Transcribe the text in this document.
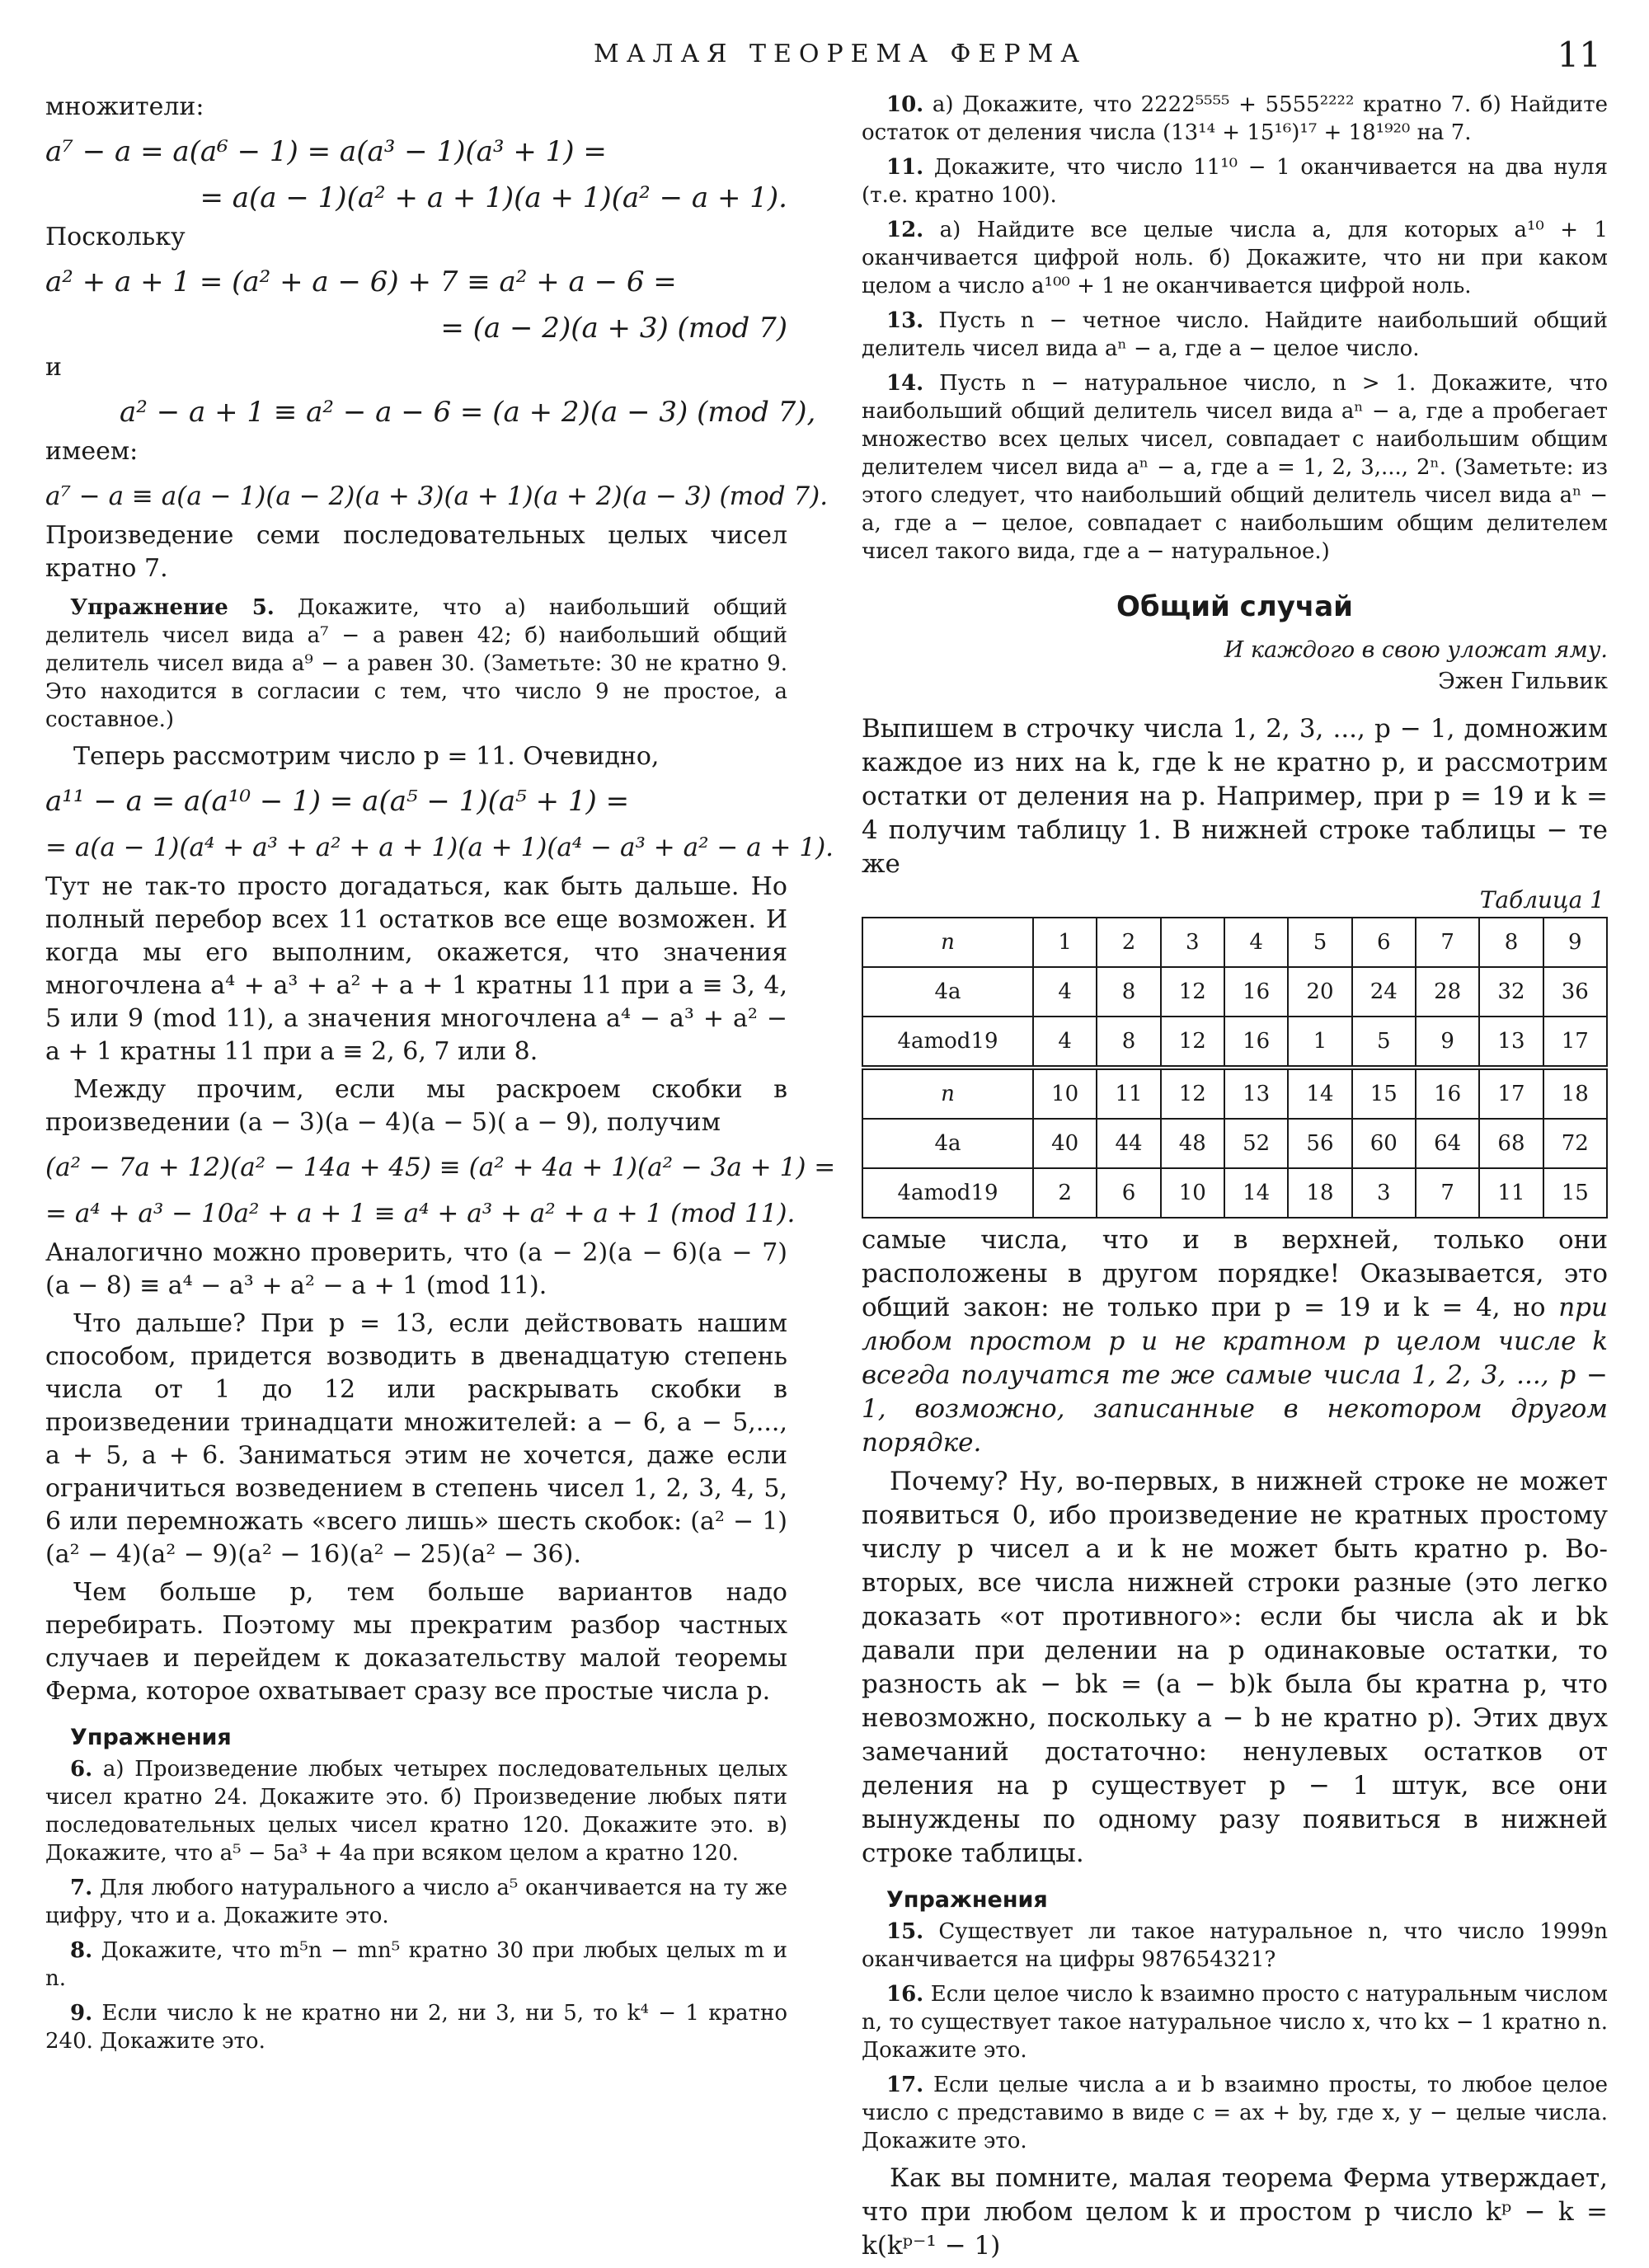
МАЛАЯ ТЕОРЕМА ФЕРМА	11

множители:

a⁷ − a = a(a⁶ − 1) = a(a³ − 1)(a³ + 1) =

= a(a − 1)(a² + a + 1)(a + 1)(a² − a + 1).

Поскольку

a² + a + 1 = (a² + a − 6) + 7 ≡ a² + a − 6 =

= (a − 2)(a + 3) (mod 7)

и

a² − a + 1 ≡ a² − a − 6 = (a + 2)(a − 3) (mod 7),

имеем:

a⁷ − a ≡ a(a − 1)(a − 2)(a + 3)(a + 1)(a + 2)(a − 3) (mod 7).

Произведение семи последовательных целых чисел кратно 7.

Упражнение 5. Докажите, что а) наибольший общий делитель чисел вида a⁷ − a равен 42; б) наибольший общий делитель чисел вида a⁹ − a равен 30. (Заметьте: 30 не кратно 9. Это находится в согласии с тем, что число 9 не простое, а составное.)

Теперь рассмотрим число p = 11. Очевидно,

a¹¹ − a = a(a¹⁰ − 1) = a(a⁵ − 1)(a⁵ + 1) =

= a(a − 1)(a⁴ + a³ + a² + a + 1)(a + 1)(a⁴ − a³ + a² − a + 1).

Тут не так-то просто догадаться, как быть дальше. Но полный перебор всех 11 остатков все еще возможен. И когда мы его выполним, окажется, что значения многочлена a⁴ + a³ + a² + a + 1 кратны 11 при a ≡ 3, 4, 5 или 9 (mod 11), а значения многочлена a⁴ − a³ + a² − a + 1 кратны 11 при a ≡ 2, 6, 7 или 8.

Между прочим, если мы раскроем скобки в произведении (a − 3)(a − 4)(a − 5)( a − 9), получим

(a² − 7a + 12)(a² − 14a + 45) ≡ (a² + 4a + 1)(a² − 3a + 1) =

= a⁴ + a³ − 10a² + a + 1 ≡ a⁴ + a³ + a² + a + 1 (mod 11).

Аналогично можно проверить, что (a − 2)(a − 6)(a − 7)(a − 8) ≡ a⁴ − a³ + a² − a + 1 (mod 11).

Что дальше? При p = 13, если действовать нашим способом, придется возводить в двенадцатую степень числа от 1 до 12 или раскрывать скобки в произведении тринадцати множителей: a − 6, a − 5,..., a + 5, a + 6. Заниматься этим не хочется, даже если ограничиться возведением в степень чисел 1, 2, 3, 4, 5, 6 или перемножать «всего лишь» шесть скобок: (a² − 1)(a² − 4)(a² − 9)(a² − 16)(a² − 25)(a² − 36).

Чем больше p, тем больше вариантов надо перебирать. Поэтому мы прекратим разбор частных случаев и перейдем к доказательству малой теоремы Ферма, которое охватывает сразу все простые числа p.

Упражнения

6. а) Произведение любых четырех последовательных целых чисел кратно 24. Докажите это. б) Произведение любых пяти последовательных целых чисел кратно 120. Докажите это. в) Докажите, что a⁵ − 5a³ + 4a при всяком целом a кратно 120.

7. Для любого натурального a число a⁵ оканчивается на ту же цифру, что и a. Докажите это.

8. Докажите, что m⁵n − mn⁵ кратно 30 при любых целых m и n.

9. Если число k не кратно ни 2, ни 3, ни 5, то k⁴ − 1 кратно 240. Докажите это.

10. а) Докажите, что 2222⁵⁵⁵⁵ + 5555²²²² кратно 7. б) Найдите остаток от деления числа (13¹⁴ + 15¹⁶)¹⁷ + 18¹⁹²⁰ на 7.

11. Докажите, что число 11¹⁰ − 1 оканчивается на два нуля (т.е. кратно 100).

12. а) Найдите все целые числа a, для которых a¹⁰ + 1 оканчивается цифрой ноль. б) Докажите, что ни при каком целом a число a¹⁰⁰ + 1 не оканчивается цифрой ноль.

13. Пусть n − четное число. Найдите наибольший общий делитель чисел вида aⁿ − a, где a − целое число.

14. Пусть n − натуральное число, n > 1. Докажите, что наибольший общий делитель чисел вида aⁿ − a, где a пробегает множество всех целых чисел, совпадает с наибольшим общим делителем чисел вида aⁿ − a, где a = 1, 2, 3,..., 2ⁿ. (Заметьте: из этого следует, что наибольший общий делитель чисел вида aⁿ − a, где a − целое, совпадает с наибольшим общим делителем чисел такого вида, где a − натуральное.)

Общий случай

И каждого в свою уложат яму.

Эжен Гильвик

Выпишем в строчку числа 1, 2, 3, ..., p − 1, домножим каждое из них на k, где k не кратно p, и рассмотрим остатки от деления на p. Например, при p = 19 и k = 4 получим таблицу 1. В нижней строке таблицы − те же

Таблица 1
n	1	2	3	4	5	6	7	8	9
4a	4	8	12	16	20	24	28	32	36
4amod19	4	8	12	16	1	5	9	13	17
n	10	11	12	13	14	15	16	17	18
4a	40	44	48	52	56	60	64	68	72
4amod19	2	6	10	14	18	3	7	11	15

самые числа, что и в верхней, только они расположены в другом порядке! Оказывается, это общий закон: не только при p = 19 и k = 4, но при любом простом p и не кратном p целом числе k всегда получатся те же самые числа 1, 2, 3, ..., p − 1, возможно, записанные в некотором другом порядке.

Почему? Ну, во-первых, в нижней строке не может появиться 0, ибо произведение не кратных простому числу p чисел a и k не может быть кратно p. Во-вторых, все числа нижней строки разные (это легко доказать «от противного»: если бы числа ak и bk давали при делении на p одинаковые остатки, то разность ak − bk = (a − b)k была бы кратна p, что невозможно, поскольку a − b не кратно p). Этих двух замечаний достаточно: ненулевых остатков от деления на p существует p − 1 штук, все они вынуждены по одному разу появиться в нижней строке таблицы.

Упражнения

15. Существует ли такое натуральное n, что число 1999n оканчивается на цифры 987654321?

16. Если целое число k взаимно просто с натуральным числом n, то существует такое натуральное число x, что kx − 1 кратно n. Докажите это.

17. Если целые числа a и b взаимно просты, то любое целое число c представимо в виде c = ax + by, где x, y − целые числа. Докажите это.

Как вы помните, малая теорема Ферма утверждает, что при любом целом k и простом p число kᵖ − k = k(kᵖ⁻¹ − 1)
